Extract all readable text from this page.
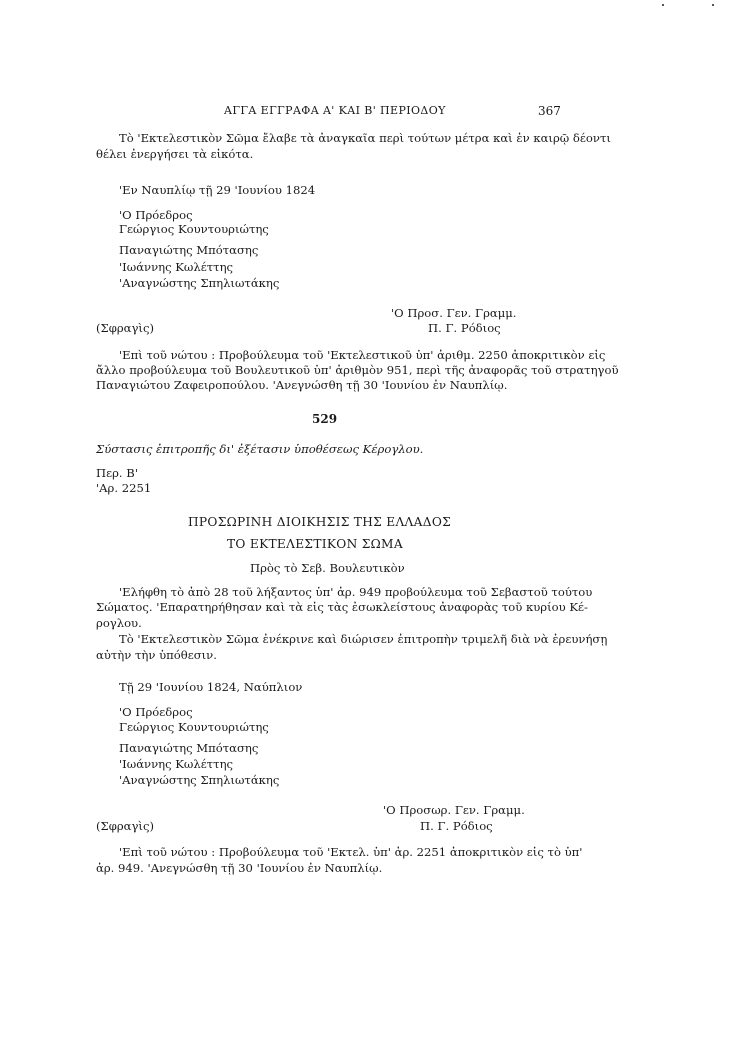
ΑΓΓΑ ΕΓΓΡΑΦΑ Α' ΚΑΙ Β' ΠΕΡΙΟΔΟΥ	367
Τὸ 'Εκτελεστικὸν Σῶμα ἔλαβε τὰ ἀναγκαῖα περὶ τούτων μέτρα καὶ ἐν καιρῷ δέοντι
θέλει ἐνεργήσει τὰ εἰκότα.
'Εν Ναυπλίῳ τῇ 29 'Ιουνίου 1824
'Ο Πρόεδρος
Γεώργιος Κουντουριώτης
Παναγιώτης Μπότασης
'Ιωάννης Κωλέττης
'Αναγνώστης Σπηλιωτάκης
'Ο Προσ. Γεν. Γραμμ.
(Σφραγὶς)	Π. Γ. Ρόδιος
'Επὶ τοῦ νώτου : Προβούλευμα τοῦ 'Εκτελεστικοῦ ὑπ' ἀριθμ. 2250 ἀποκριτικὸν εἰς
ἄλλο προβούλευμα τοῦ Βουλευτικοῦ ὑπ' ἀριθμὸν 951, περὶ τῆς ἀναφορᾶς τοῦ στρατηγοῦ
Παναγιώτου Ζαφειροπούλου. 'Ανεγνώσθη τῇ 30 'Ιουνίου ἐν Ναυπλίῳ.
529
Σύστασις ἐπιτροπῆς δι' ἐξέτασιν ὑποθέσεως Κέρογλου.
Περ. Β'
'Αρ. 2251
ΠΡΟΣΩΡΙΝΗ ΔΙΟΙΚΗΣΙΣ ΤΗΣ ΕΛΛΑΔΟΣ
ΤΟ ΕΚΤΕΛΕΣΤΙΚΟΝ ΣΩΜΑ
Πρὸς τὸ Σεβ. Βουλευτικὸν
'Ελήφθη τὸ ἀπὸ 28 τοῦ λήξαντος ὑπ' ἀρ. 949 προβούλευμα τοῦ Σεβαστοῦ τούτου
Σώματος. 'Επαρατηρήθησαν καὶ τὰ εἰς τὰς ἐσωκλείστους ἀναφορὰς τοῦ κυρίου Κέ-
ρογλου.
Τὸ 'Εκτελεστικὸν Σῶμα ἐνέκρινε καὶ διώρισεν ἐπιτροπὴν τριμελῆ διὰ νὰ ἐρευνήσῃ
αὐτὴν τὴν ὑπόθεσιν.
Τῇ 29 'Ιουνίου 1824, Ναύπλιον
'Ο Πρόεδρος
Γεώργιος Κουντουριώτης
Παναγιώτης Μπότασης
'Ιωάννης Κωλέττης
'Αναγνώστης Σπηλιωτάκης
'Ο Προσωρ. Γεν. Γραμμ.
(Σφραγὶς)	Π. Γ. Ρόδιος
'Επὶ τοῦ νώτου : Προβούλευμα τοῦ 'Εκτελ. ὑπ' ἀρ. 2251 ἀποκριτικὸν εἰς τὸ ὑπ'
ἀρ. 949. 'Ανεγνώσθη τῇ 30 'Ιουνίου ἐν Ναυπλίῳ.
